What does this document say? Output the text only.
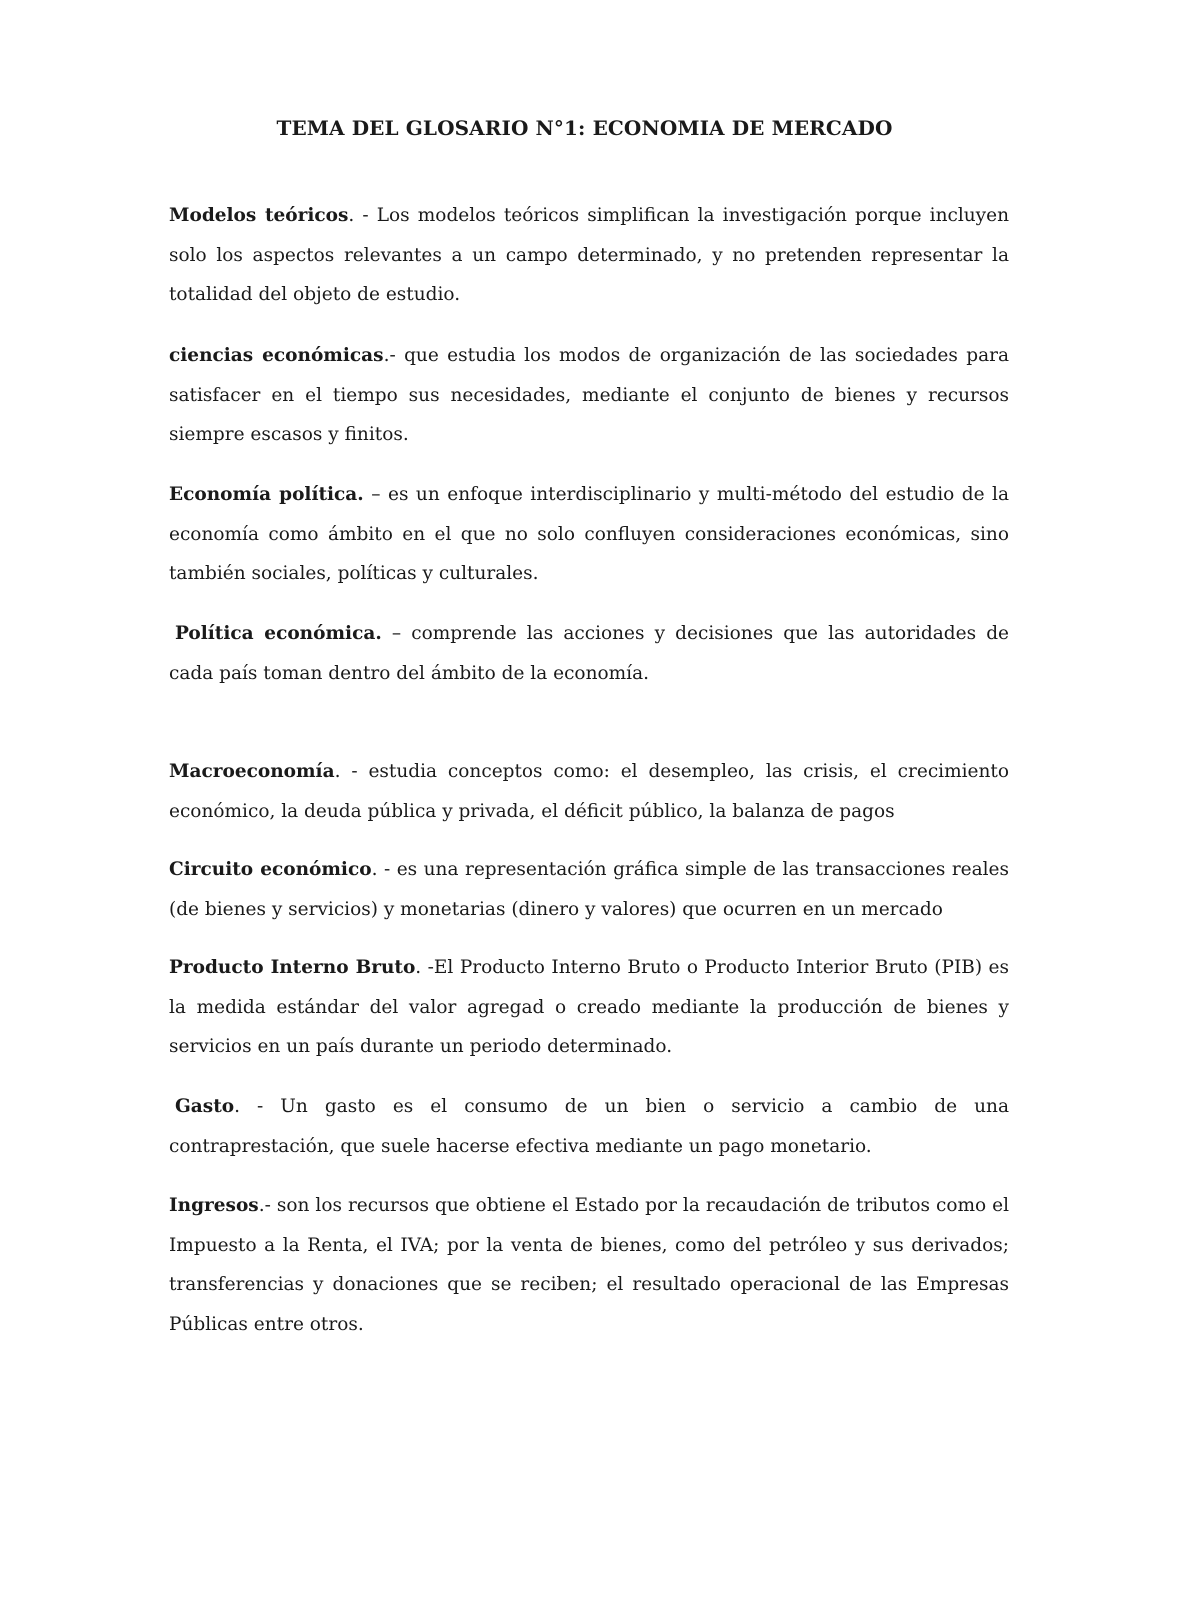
TEMA DEL GLOSARIO N°1: ECONOMIA DE MERCADO

Modelos teóricos. - Los modelos teóricos simplifican la investigación porque incluyen solo los aspectos relevantes a un campo determinado, y no pretenden representar la totalidad del objeto de estudio.

ciencias económicas.- que estudia los modos de organización de las sociedades para satisfacer en el tiempo sus necesidades, mediante el conjunto de bienes y recursos siempre escasos y finitos.

Economía política. – es un enfoque interdisciplinario y multi-método del estudio de la economía como ámbito en el que no solo confluyen consideraciones económicas, sino también sociales, políticas y culturales.

Política económica. – comprende las acciones y decisiones que las autoridades de cada país toman dentro del ámbito de la economía.

Macroeconomía. - estudia conceptos como: el desempleo, las crisis, el crecimiento económico, la deuda pública y privada, el déficit público, la balanza de pagos

Circuito económico. - es una representación gráfica simple de las transacciones reales (de bienes y servicios) y monetarias (dinero y valores) que ocurren en un mercado

Producto Interno Bruto. -El Producto Interno Bruto o Producto Interior Bruto (PIB) es la medida estándar del valor agregad o creado mediante la producción de bienes y servicios en un país durante un periodo determinado.

Gasto. - Un gasto es el consumo de un bien o servicio a cambio de una contraprestación, que suele hacerse efectiva mediante un pago monetario.

Ingresos.- son los recursos que obtiene el Estado por la recaudación de tributos como el Impuesto a la Renta, el IVA; por la venta de bienes, como del petróleo y sus derivados; transferencias y donaciones que se reciben; el resultado operacional de las Empresas Públicas entre otros.
